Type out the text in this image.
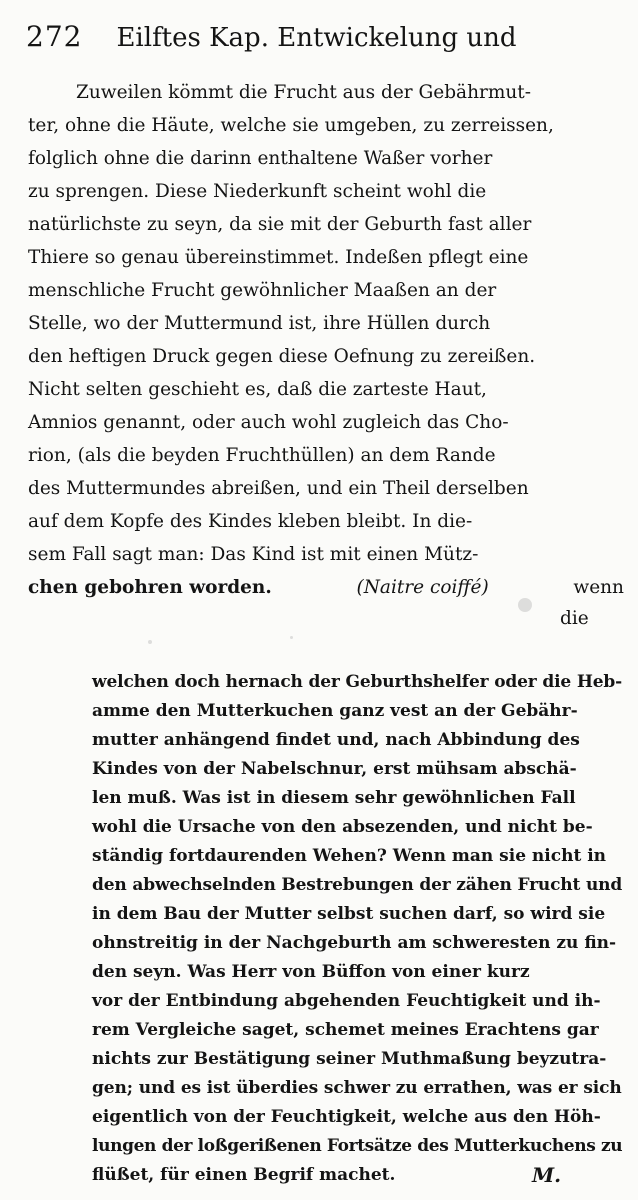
272 Eilftes Kap. Entwickelung und
Zuweilen kömmt die Frucht aus der Gebährmut-
ter, ohne die Häute, welche sie umgeben, zu zerreissen,
folglich ohne die darinn enthaltene Waßer vorher
zu sprengen. Diese Niederkunft scheint wohl die
natürlichste zu seyn, da sie mit der Geburth fast aller
Thiere so genau übereinstimmet. Indeßen pflegt eine
menschliche Frucht gewöhnlicher Maaßen an der
Stelle, wo der Muttermund ist, ihre Hüllen durch
den heftigen Druck gegen diese Oefnung zu zereißen.
Nicht selten geschieht es, daß die zarteste Haut,
Amnios genannt, oder auch wohl zugleich das Cho-
rion, (als die beyden Fruchthüllen) an dem Rande
des Muttermundes abreißen, und ein Theil derselben
auf dem Kopfe des Kindes kleben bleibt. In die-
sem Fall sagt man: Das Kind ist mit einen Mütz-
chen gebohren worden.	(Naitre coiffé)	wenn
die
welchen doch hernach der Geburthshelfer oder die Heb-
amme den Mutterkuchen ganz vest an der Gebähr-
mutter anhängend findet und, nach Abbindung des
Kindes von der Nabelschnur, erst mühsam abschä-
len muß. Was ist in diesem sehr gewöhnlichen Fall
wohl die Ursache von den absezenden, und nicht be-
ständig fortdaurenden Wehen? Wenn man sie nicht in
den abwechselnden Bestrebungen der zähen Frucht und
in dem Bau der Mutter selbst suchen darf, so wird sie
ohnstreitig in der Nachgeburth am schweresten zu fin-
den seyn. Was Herr von Büffon von einer kurz
vor der Entbindung abgehenden Feuchtigkeit und ih-
rem Vergleiche saget, schemet meines Erachtens gar
nichts zur Bestätigung seiner Muthmaßung beyzutra-
gen; und es ist überdies schwer zu errathen, was er sich
eigentlich von der Feuchtigkeit, welche aus den Höh-
lungen der loßgerißenen Fortsätze des Mutterkuchens zu
flüßet, für einen Begrif machet.	M.
